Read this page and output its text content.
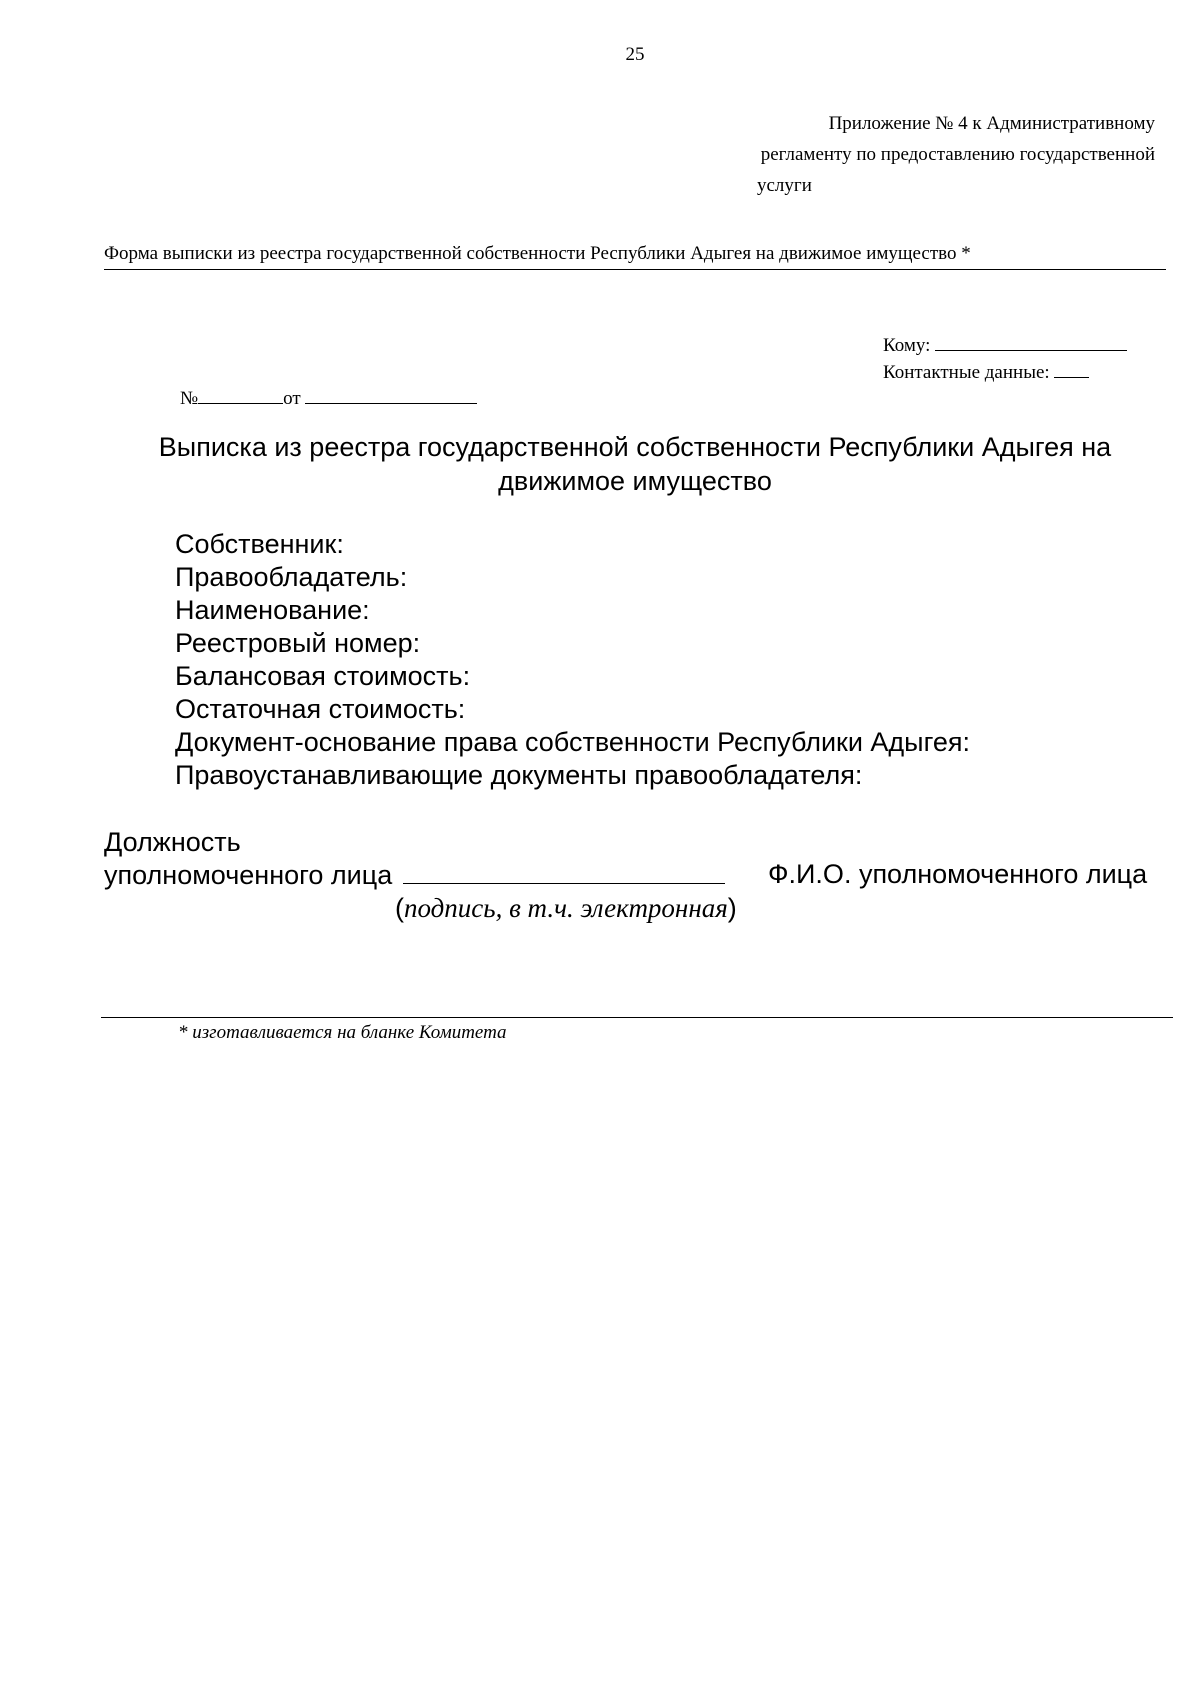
25
Приложение № 4 к Административному
регламенту по предоставлению государственной

услуги
Форма выписки из реестра государственной собственности Республики Адыгея на движимое имущество *
Кому:
Контактные данные:
№	от
Выписка из реестра государственной собственности Республики Адыгея на движимое имущество
Собственник:
Правообладатель:
Наименование:
Реестровый номер:
Балансовая стоимость:
Остаточная стоимость:
Документ-основание права собственности Республики Адыгея:
Правоустанавливающие документы правообладателя:
Должность
уполномоченного лица	Ф.И.О. уполномоченного лица
(подпись, в т.ч. электронная)
* изготавливается на бланке Комитета
